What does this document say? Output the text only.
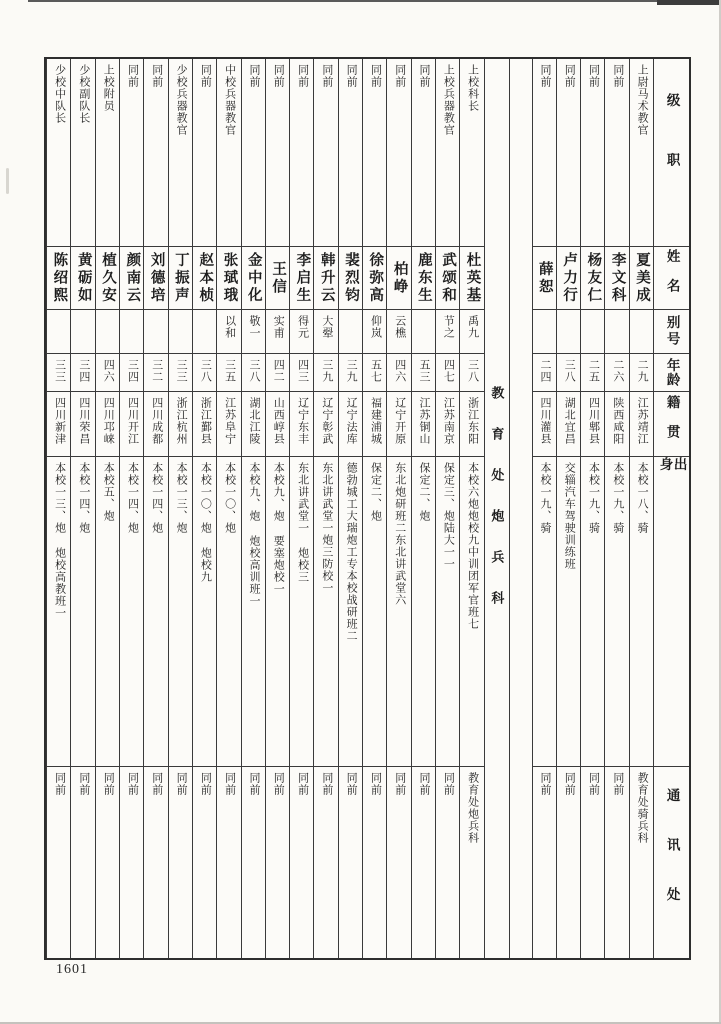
级职
姓名
别号
年龄
籍贯
出身
通讯处
上尉马术教官
夏美成
二九
江苏靖江
本校一八、骑
教育处骑兵科
同前
李文科
二六
陕西咸阳
本校一九、骑
同前
同前
杨友仁
二五
四川郫县
本校一九、骑
同前
同前
卢力行
三八
湖北宜昌
交辎汽车驾驶训练班
同前
同前
薛恕
二四
四川灌县
本校一九、骑
同前
教育处炮兵科
上校科长
杜英基
禹九
三八
浙江东阳
本校六炮炮校九中训团军官班七
教育处炮兵科
上校兵器教官
武颂和
节之
四七
江苏南京
保定三、炮陆大一一
同前
同前
鹿东生
五三
江苏铜山
保定二、炮
同前
同前
柏峥
云樵
四六
辽宁开原
东北炮研班二东北讲武堂六
同前
同前
徐弥高
仰岚
五七
福建浦城
保定二、炮
同前
同前
裴烈钧
三九
辽宁法库
德勃城工大瑞炮工专本校战研班二
同前
同前
韩升云
大翚
三九
辽宁彰武
东北讲武堂一炮三防校一
同前
同前
李启生
得元
四三
辽宁东丰
东北讲武堂一 炮校三
同前
同前
王信
实甫
四二
山西崞县
本校九、炮 要塞炮校一
同前
同前
金中化
敬一
三八
湖北江陵
本校九、炮 炮校高训班一
同前
中校兵器教官
张珷珴
以和
三五
江苏阜宁
本校一〇、炮
同前
同前
赵本桢
三八
浙江鄞县
本校一〇、炮 炮校九
同前
少校兵器教官
丁振声
三三
浙江杭州
本校一三、炮
同前
同前
刘德培
三二
四川成都
本校一四、炮
同前
同前
颜南云
三四
四川开江
本校一四、炮
同前
上校附员
植久安
四六
四川邛崃
本校五、炮
同前
少校副队长
黄砺如
三四
四川荣昌
本校一四、炮
同前
少校中队长
陈绍熙
三三
四川新津
本校一三、炮 炮校高教班一
同前
1601
